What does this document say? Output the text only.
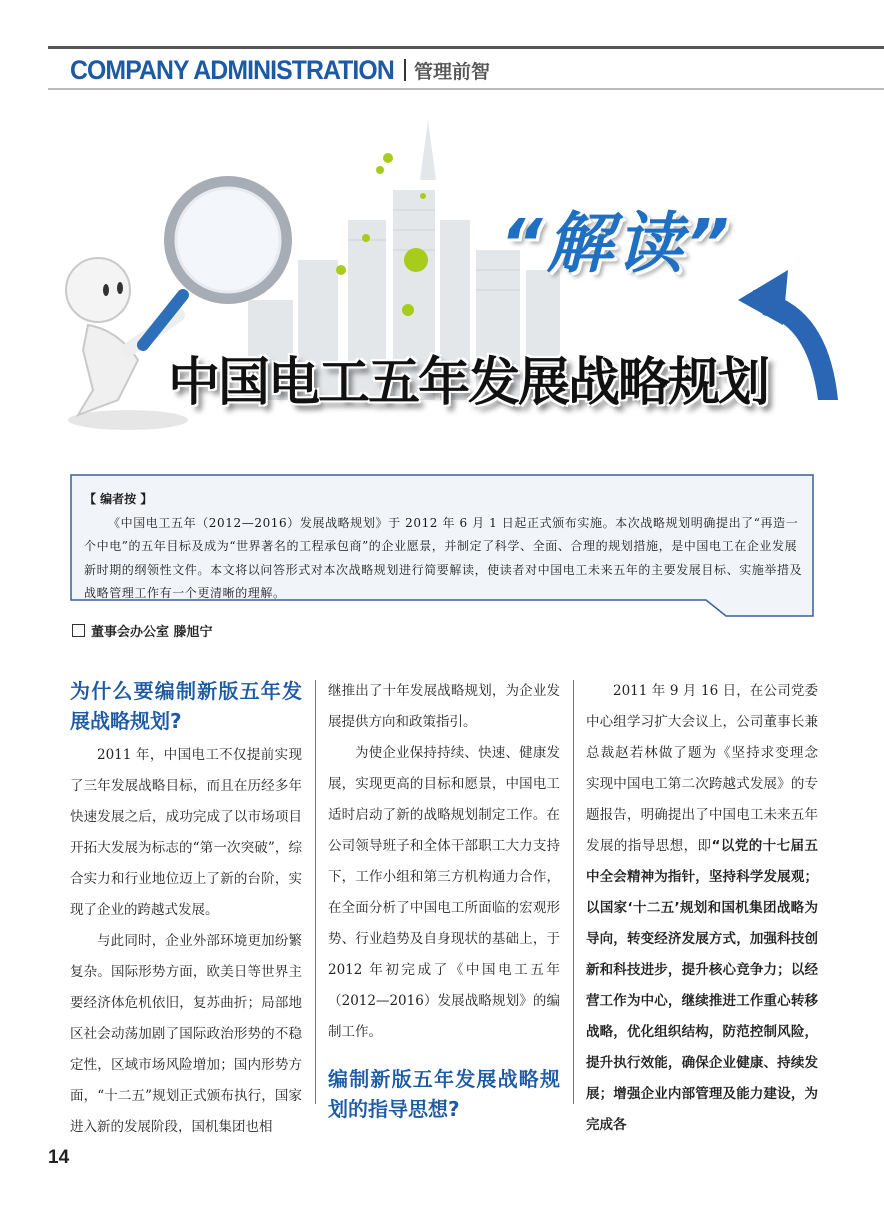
COMPANY ADMINISTRATION 管理前智
“解读”
中国电工五年发展战略规划
【 编者按 】
《中国电工五年（2012—2016）发展战略规划》于 2012 年 6 月 1 日起正式颁布实施。本次战略规划明确提出了“再造一个中电”的五年目标及成为“世界著名的工程承包商”的企业愿景，并制定了科学、全面、合理的规划措施，是中国电工在企业发展新时期的纲领性文件。本文将以问答形式对本次战略规划进行简要解读，使读者对中国电工未来五年的主要发展目标、实施举措及战略管理工作有一个更清晰的理解。
董事会办公室 滕旭宁
为什么要编制新版五年发展战略规划?

2011 年，中国电工不仅提前实现了三年发展战略目标，而且在历经多年快速发展之后，成功完成了以市场项目开拓大发展为标志的“第一次突破”，综合实力和行业地位迈上了新的台阶，实现了企业的跨越式发展。

与此同时，企业外部环境更加纷繁复杂。国际形势方面，欧美日等世界主要经济体危机依旧，复苏曲折；局部地区社会动荡加剧了国际政治形势的不稳定性，区域市场风险增加；国内形势方面，“十二五”规划正式颁布执行，国家进入新的发展阶段，国机集团也相

继推出了十年发展战略规划，为企业发展提供方向和政策指引。

为使企业保持持续、快速、健康发展，实现更高的目标和愿景，中国电工适时启动了新的战略规划制定工作。在公司领导班子和全体干部职工大力支持下，工作小组和第三方机构通力合作，在全面分析了中国电工所面临的宏观形势、行业趋势及自身现状的基础上，于 2012 年初完成了《中国电工五年（2012—2016）发展战略规划》的编制工作。

编制新版五年发展战略规划的指导思想?

2011 年 9 月 16 日，在公司党委中心组学习扩大会议上，公司董事长兼总裁赵若林做了题为《坚持求变理念 实现中国电工第二次跨越式发展》的专题报告，明确提出了中国电工未来五年发展的指导思想，即“以党的十七届五中全会精神为指针，坚持科学发展观；以国家‘十二五’规划和国机集团战略为导向，转变经济发展方式，加强科技创新和科技进步，提升核心竞争力；以经营工作为中心，继续推进工作重心转移战略，优化组织结构，防范控制风险，提升执行效能，确保企业健康、持续发展；增强企业内部管理及能力建设，为完成各

14
